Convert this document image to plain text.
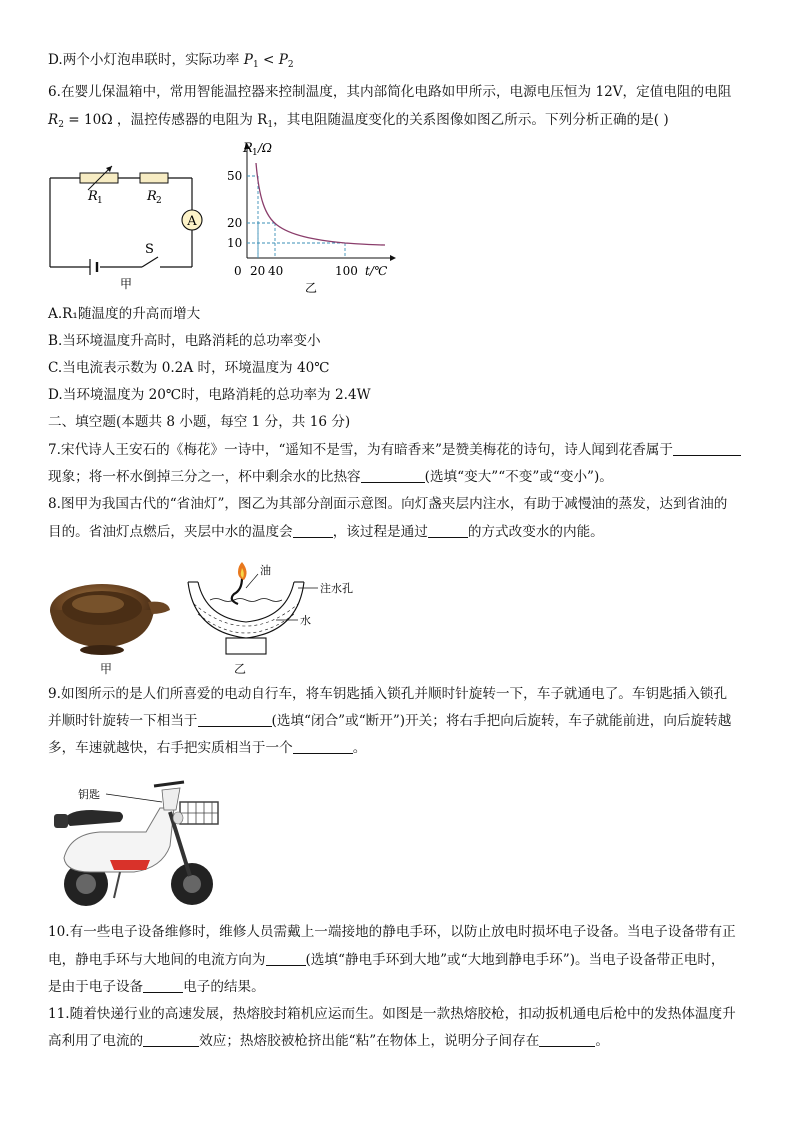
D.两个小灯泡串联时，实际功率 $P_1 < P_2$
6.在婴儿保温箱中，常用智能温控器来控制温度，其内部简化电路如甲所示，电源电压恒为 12V，定值电阻的电阻
$R_2 = 10\Omega$ ，温控传感器的电阻为 $R_1$，其电阻随温度变化的关系图像如图乙所示。下列分析正确的是( )
A
R 1	R 2
S
甲
R 1 /Ω
50
20
10
0 20 40	100 t/℃
乙
A.R₁随温度的升高而增大
B.当环境温度升高时，电路消耗的总功率变小
C.当电流表示数为 0.2A 时，环境温度为 40℃
D.当环境温度为 20℃时，电路消耗的总功率为 2.4W
二、填空题(本题共 8 小题，每空 1 分，共 16 分)
7.宋代诗人王安石的《梅花》一诗中，“遥知不是雪，为有暗香来”是赞美梅花的诗句，诗人闻到花香属于
现象；将一杯水倒掉三分之一，杯中剩余水的比热容	(选填“变大”“不变”或“变小”)。
8.图甲为我国古代的“省油灯”，图乙为其部分剖面示意图。向灯盏夹层内注水，有助于减慢油的蒸发，达到省油的
目的。省油灯点燃后，夹层中水的温度会	，该过程是通过	的方式改变水的内能。
甲
油
注水孔
水
乙
9.如图所示的是人们所喜爱的电动自行车，将车钥匙插入锁孔并顺时针旋转一下，车子就通电了。车钥匙插入锁孔
并顺时针旋转一下相当于	(选填“闭合”或“断开”)开关；将右手把向后旋转，车子就能前进，向后旋转越
多，车速就越快，右手把实质相当于一个	。
钥匙
10.有一些电子设备维修时，维修人员需戴上一端接地的静电手环，以防止放电时损坏电子设备。当电子设备带有正
电，静电手环与大地间的电流方向为	(选填“静电手环到大地”或“大地到静电手环”)。当电子设备带正电时，
是由于电子设备	电子的结果。
11.随着快递行业的高速发展，热熔胶封箱机应运而生。如图是一款热熔胶枪，扣动扳机通电后枪中的发热体温度升
高利用了电流的	效应；热熔胶被枪挤出能“粘”在物体上，说明分子间存在	。
